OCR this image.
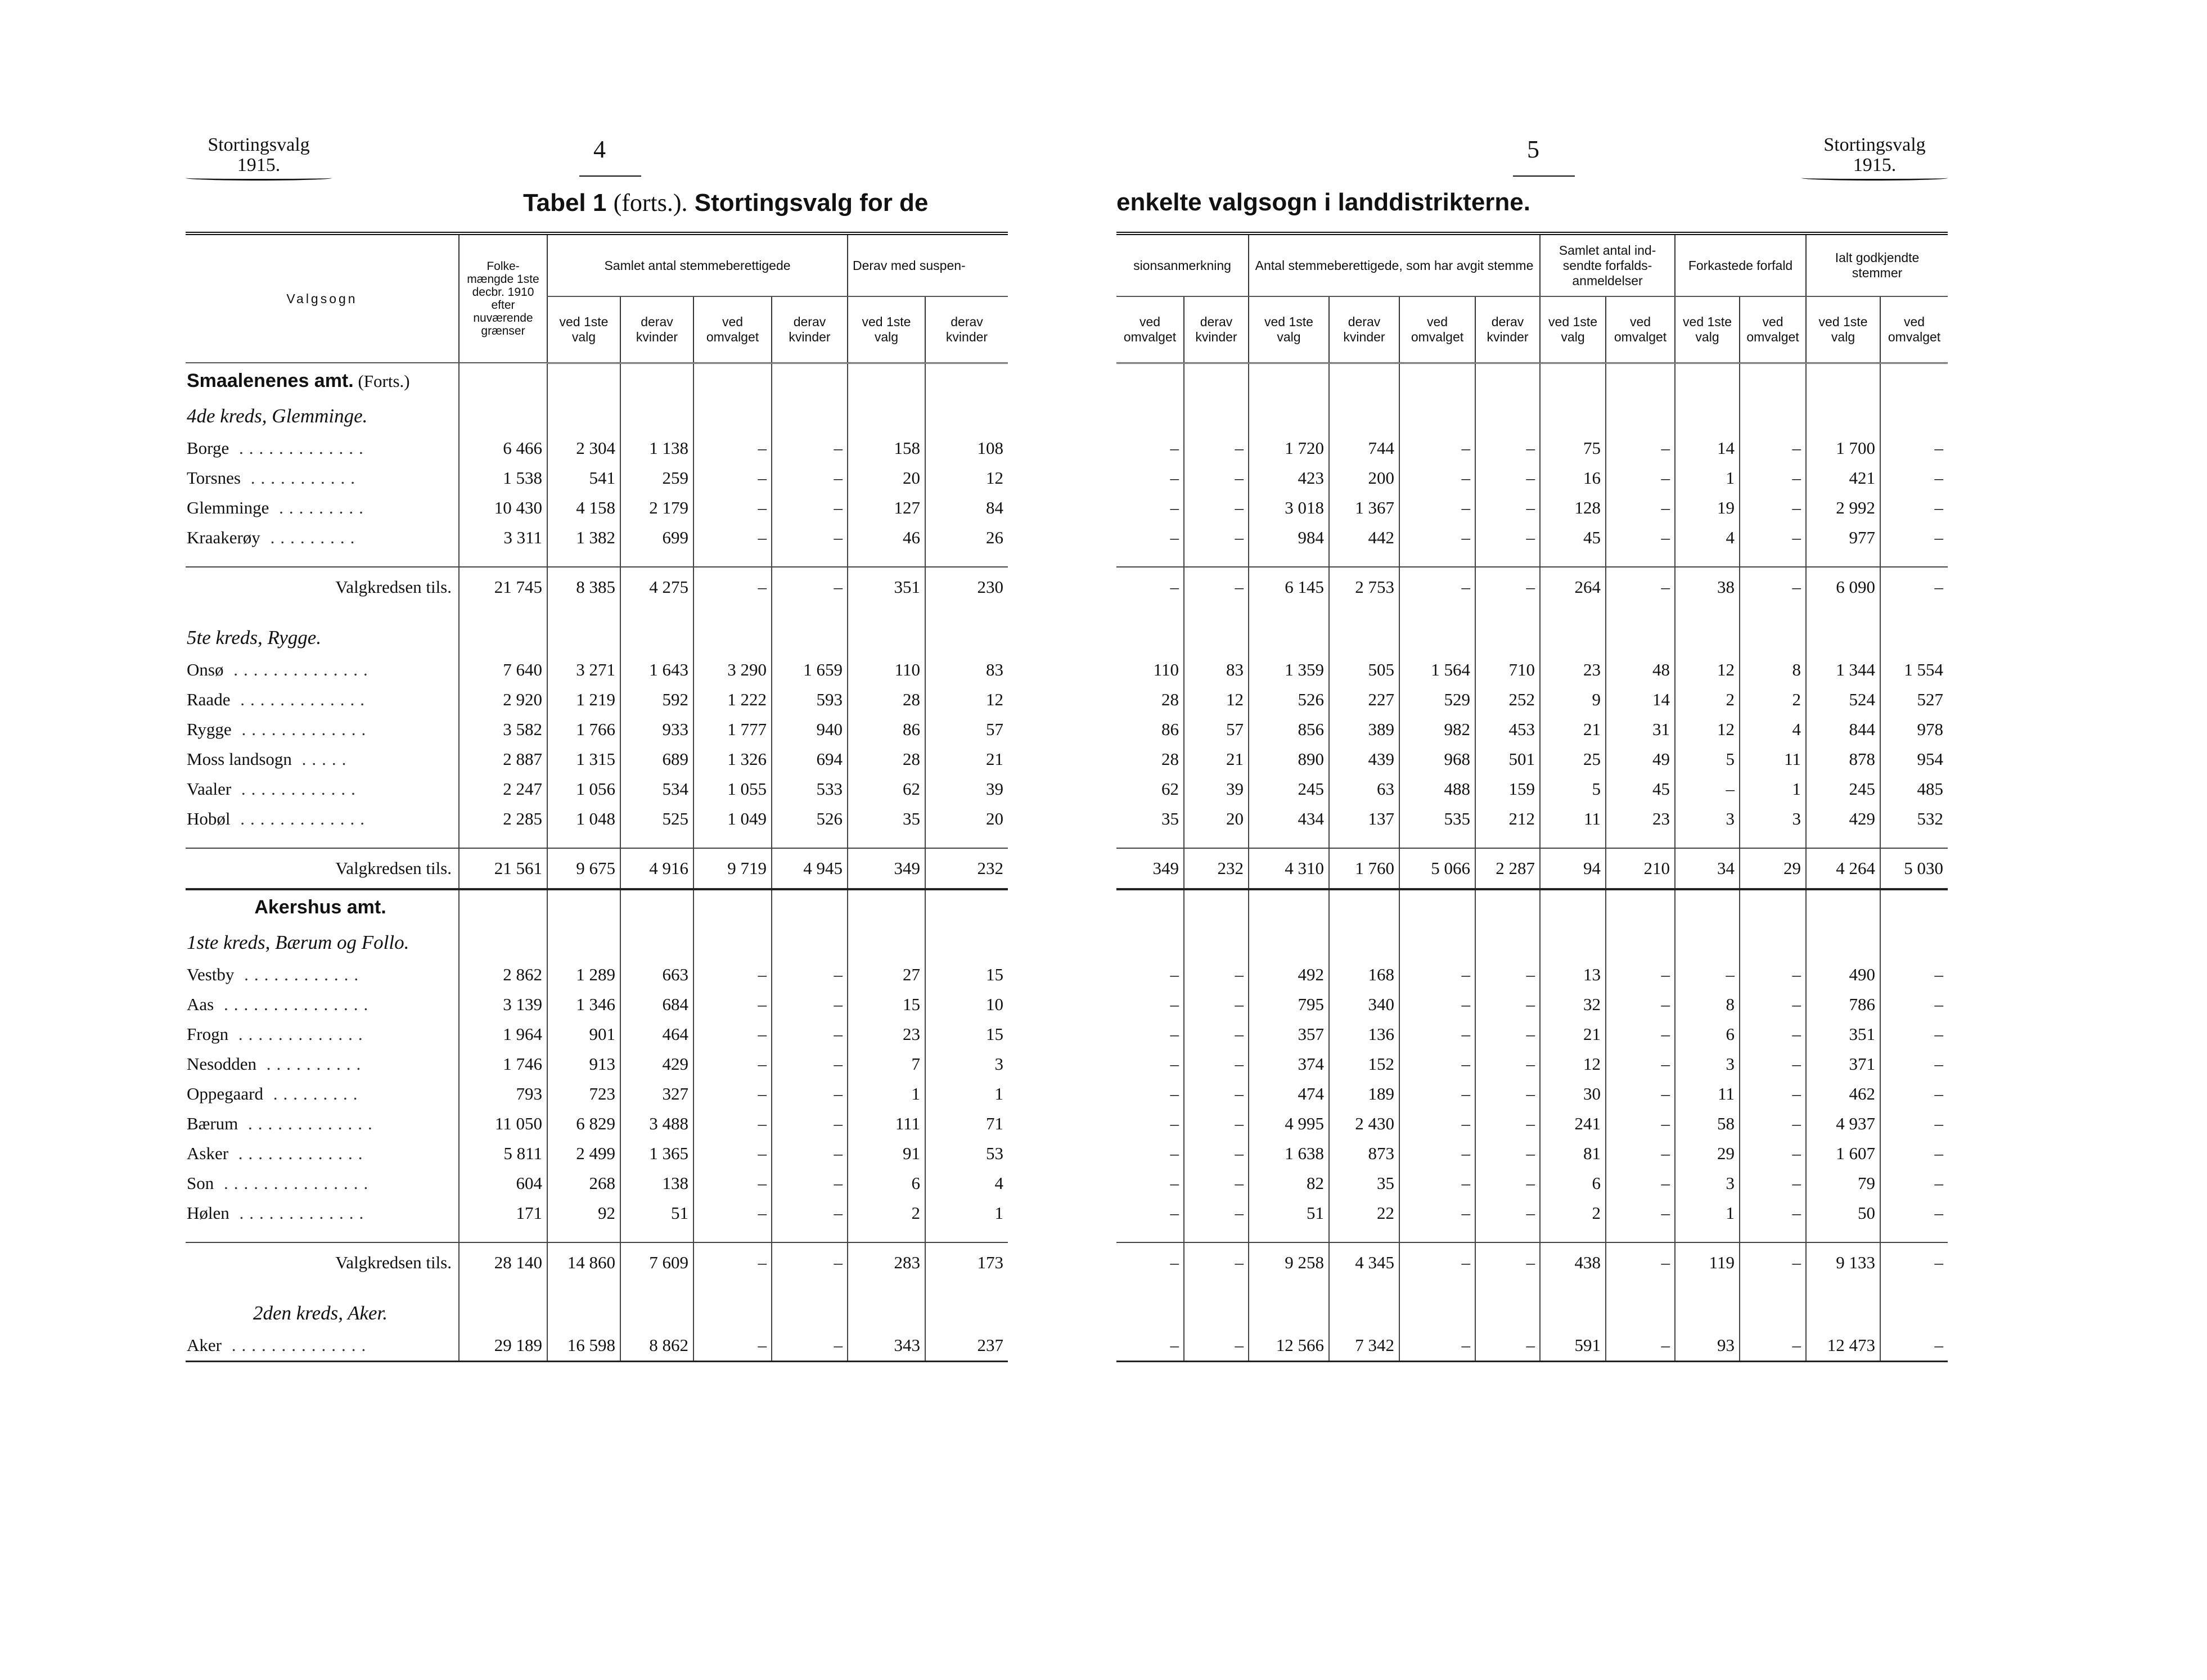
Stortingsvalg
1915.
4
Tabel 1 (forts.). Stortingsvalg for de
Valgsogn	Folke-mængde 1ste decbr. 1910 efter nuværende grænser	Samlet antal stemmeberettigede				Derav med suspen-	
		ved 1ste valg	derav kvinder	ved omvalget	derav kvinder	ved 1ste valg	derav kvinder
Smaalenenes amt. (Forts.)							
4de kreds, Glemminge.							
Borge .............	6 466	2 304	1 138	–	–	158	108
Torsnes ...........	1 538	541	259	–	–	20	12
Glemminge .........	10 430	4 158	2 179	–	–	127	84
Kraakerøy .........	3 311	1 382	699	–	–	46	26

Valgkredsen tils.	21 745	8 385	4 275	–	–	351	230

5te kreds, Rygge.							
Onsø ..............	7 640	3 271	1 643	3 290	1 659	110	83
Raade .............	2 920	1 219	592	1 222	593	28	12
Rygge .............	3 582	1 766	933	1 777	940	86	57
Moss landsogn .....	2 887	1 315	689	1 326	694	28	21
Vaaler ............	2 247	1 056	534	1 055	533	62	39
Hobøl .............	2 285	1 048	525	1 049	526	35	20

Valgkredsen tils.	21 561	9 675	4 916	9 719	4 945	349	232
Akershus amt.							
1ste kreds, Bærum og Follo.							
Vestby ............	2 862	1 289	663	–	–	27	15
Aas ...............	3 139	1 346	684	–	–	15	10
Frogn .............	1 964	901	464	–	–	23	15
Nesodden ..........	1 746	913	429	–	–	7	3
Oppegaard .........	793	723	327	–	–	1	1
Bærum .............	11 050	6 829	3 488	–	–	111	71
Asker .............	5 811	2 499	1 365	–	–	91	53
Son ...............	604	268	138	–	–	6	4
Hølen .............	171	92	51	–	–	2	1

Valgkredsen tils.	28 140	14 860	7 609	–	–	283	173

2den kreds, Aker.							
Aker ..............	29 189	16 598	8 862	–	–	343	237
5	Stortingsvalg
1915.
enkelte valgsogn i landdistrikterne.
sionsanmerkning		Antal stemmeberettigede, som har avgit stemme				Samlet antal ind-sendte forfalds-anmeldelser		Forkastede forfald		Ialt godkjendte stemmer	
ved omvalget	derav kvinder	ved 1ste valg	derav kvinder	ved omvalget	derav kvinder	ved 1ste valg	ved omvalget	ved 1ste valg	ved omvalget	ved 1ste valg	ved omvalget

–	–	1 720	744	–	–	75	–	14	–	1 700	–
–	–	423	200	–	–	16	–	1	–	421	–
–	–	3 018	1 367	–	–	128	–	19	–	2 992	–
–	–	984	442	–	–	45	–	4	–	977	–

–	–	6 145	2 753	–	–	264	–	38	–	6 090	–

110	83	1 359	505	1 564	710	23	48	12	8	1 344	1 554
28	12	526	227	529	252	9	14	2	2	524	527
86	57	856	389	982	453	21	31	12	4	844	978
28	21	890	439	968	501	25	49	5	11	878	954
62	39	245	63	488	159	5	45	–	1	245	485
35	20	434	137	535	212	11	23	3	3	429	532

349	232	4 310	1 760	5 066	2 287	94	210	34	29	4 264	5 030

–	–	492	168	–	–	13	–	–	–	490	–
–	–	795	340	–	–	32	–	8	–	786	–
–	–	357	136	–	–	21	–	6	–	351	–
–	–	374	152	–	–	12	–	3	–	371	–
–	–	474	189	–	–	30	–	11	–	462	–
–	–	4 995	2 430	–	–	241	–	58	–	4 937	–
–	–	1 638	873	–	–	81	–	29	–	1 607	–
–	–	82	35	–	–	6	–	3	–	79	–
–	–	51	22	–	–	2	–	1	–	50	–

–	–	9 258	4 345	–	–	438	–	119	–	9 133	–

–	–	12 566	7 342	–	–	591	–	93	–	12 473	–
